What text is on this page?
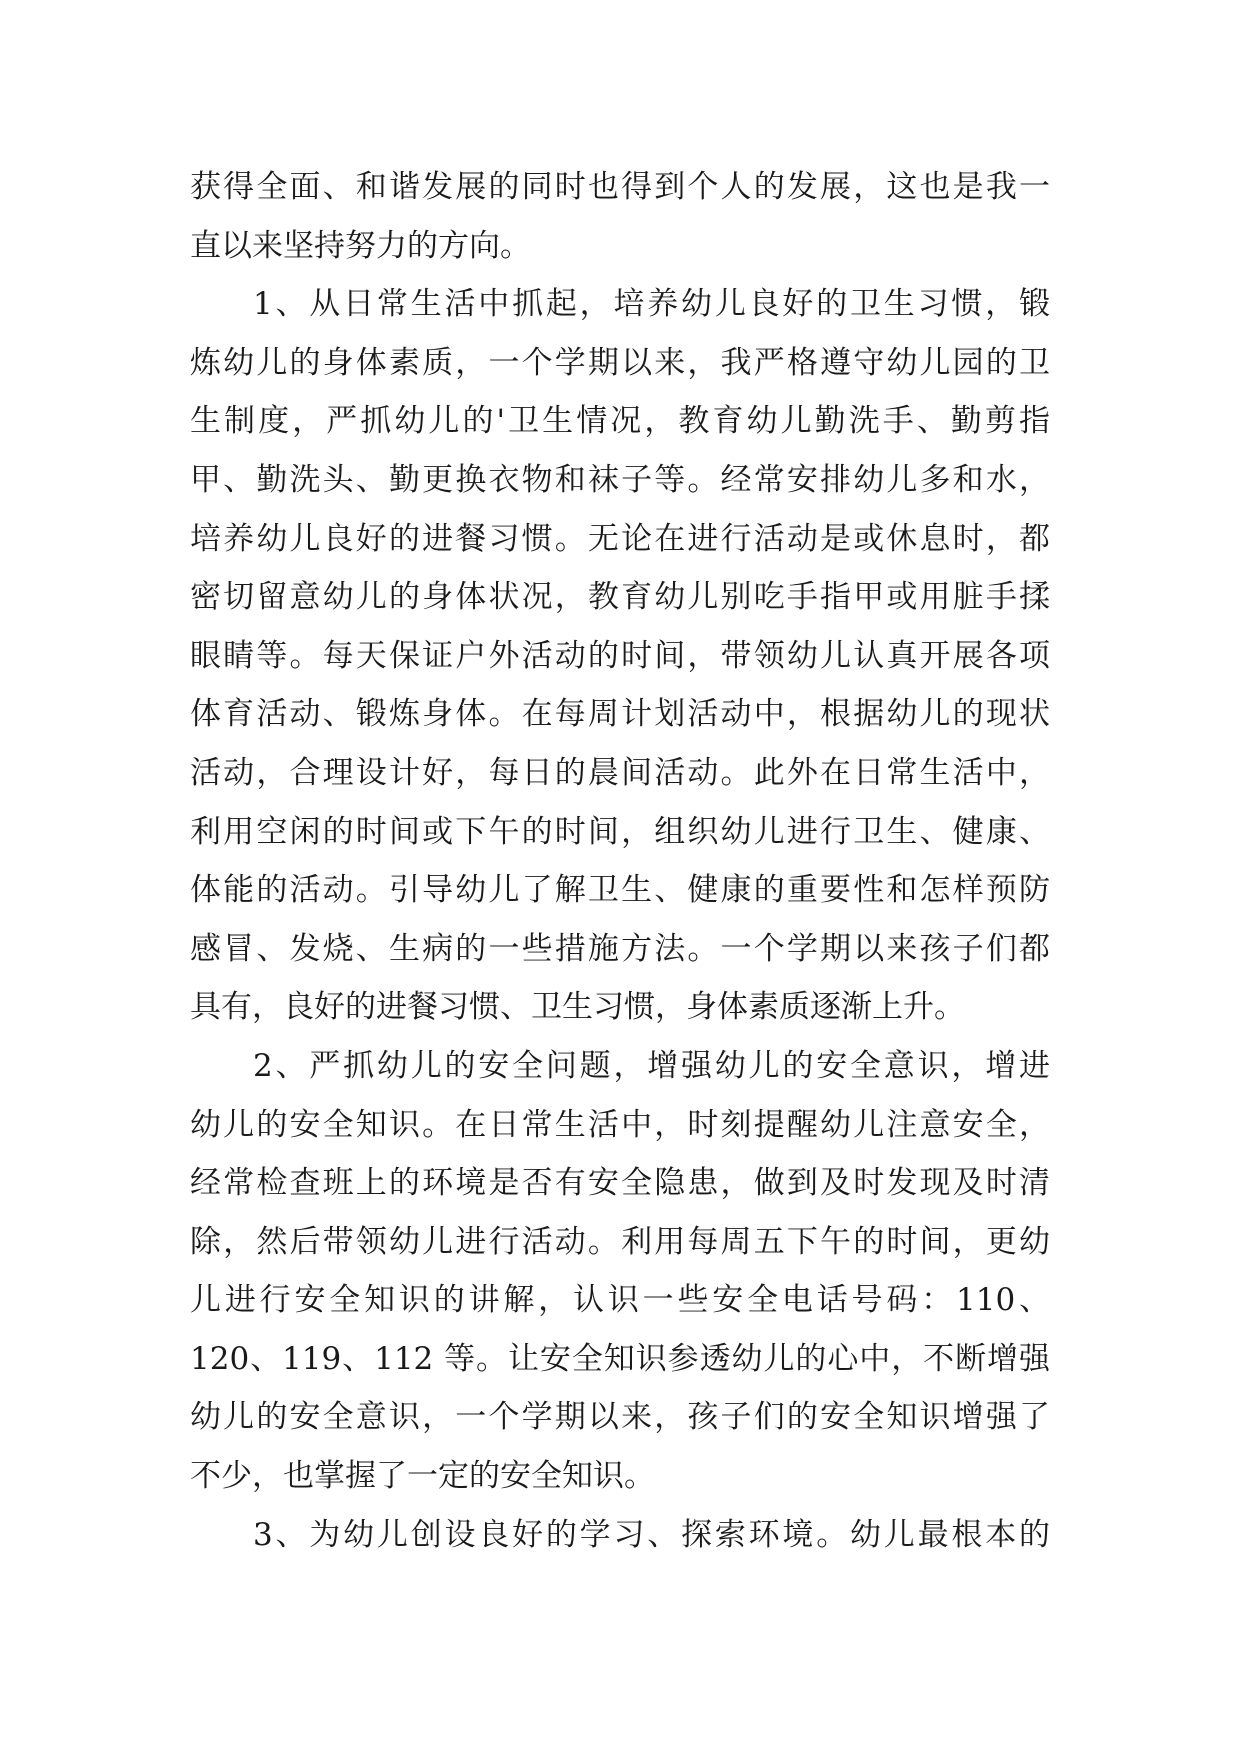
获得全面、和谐发展的同时也得到个人的发展，这也是我一
直以来坚持努力的方向。
1、从日常生活中抓起，培养幼儿良好的卫生习惯，锻
炼幼儿的身体素质，一个学期以来，我严格遵守幼儿园的卫
生制度，严抓幼儿的'卫生情况，教育幼儿勤洗手、勤剪指
甲、勤洗头、勤更换衣物和袜子等。经常安排幼儿多和水，
培养幼儿良好的进餐习惯。无论在进行活动是或休息时，都
密切留意幼儿的身体状况，教育幼儿别吃手指甲或用脏手揉
眼睛等。每天保证户外活动的时间，带领幼儿认真开展各项
体育活动、锻炼身体。在每周计划活动中，根据幼儿的现状
活动，合理设计好，每日的晨间活动。此外在日常生活中，
利用空闲的时间或下午的时间，组织幼儿进行卫生、健康、
体能的活动。引导幼儿了解卫生、健康的重要性和怎样预防
感冒、发烧、生病的一些措施方法。一个学期以来孩子们都
具有，良好的进餐习惯、卫生习惯，身体素质逐渐上升。
2、严抓幼儿的安全问题，增强幼儿的安全意识，增进
幼儿的安全知识。在日常生活中，时刻提醒幼儿注意安全，
经常检查班上的环境是否有安全隐患，做到及时发现及时清
除，然后带领幼儿进行活动。利用每周五下午的时间，更幼
儿进行安全知识的讲解，认识一些安全电话号码：110、
120、119、112 等。让安全知识参透幼儿的心中，不断增强
幼儿的安全意识，一个学期以来，孩子们的安全知识增强了
不少，也掌握了一定的安全知识。
3、为幼儿创设良好的学习、探索环境。幼儿最根本的
